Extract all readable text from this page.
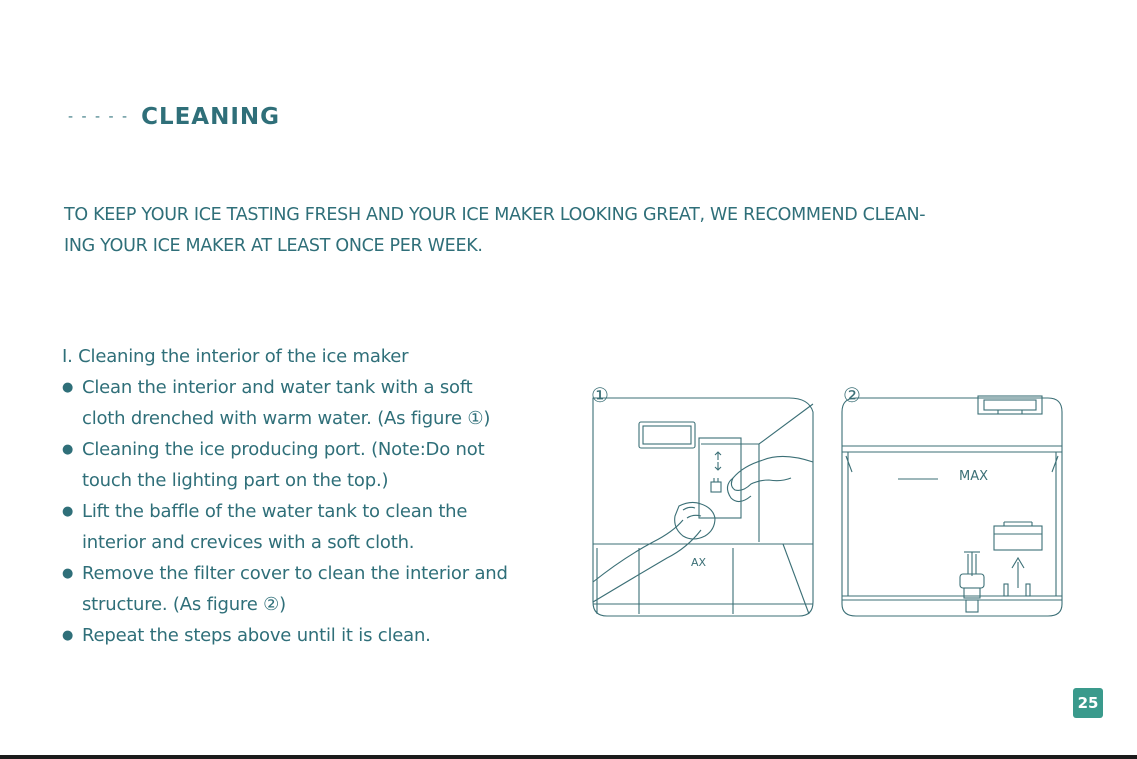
- - - - - CLEANING
TO KEEP YOUR ICE TASTING FRESH AND YOUR ICE MAKER LOOKING GREAT, WE RECOMMEND CLEAN-
ING YOUR ICE MAKER AT LEAST ONCE PER WEEK.
I. Cleaning the interior of the ice maker
● Clean the interior and water tank with a soft
cloth drenched with warm water. (As figure ①)
● Cleaning the ice producing port. (Note:Do not
touch the lighting part on the top.)
● Lift the baffle of the water tank to clean the
interior and crevices with a soft cloth.
● Remove the filter cover to clean the interior and
structure. (As figure ②)
● Repeat the steps above until it is clean.
①
AX
②
MAX
25
